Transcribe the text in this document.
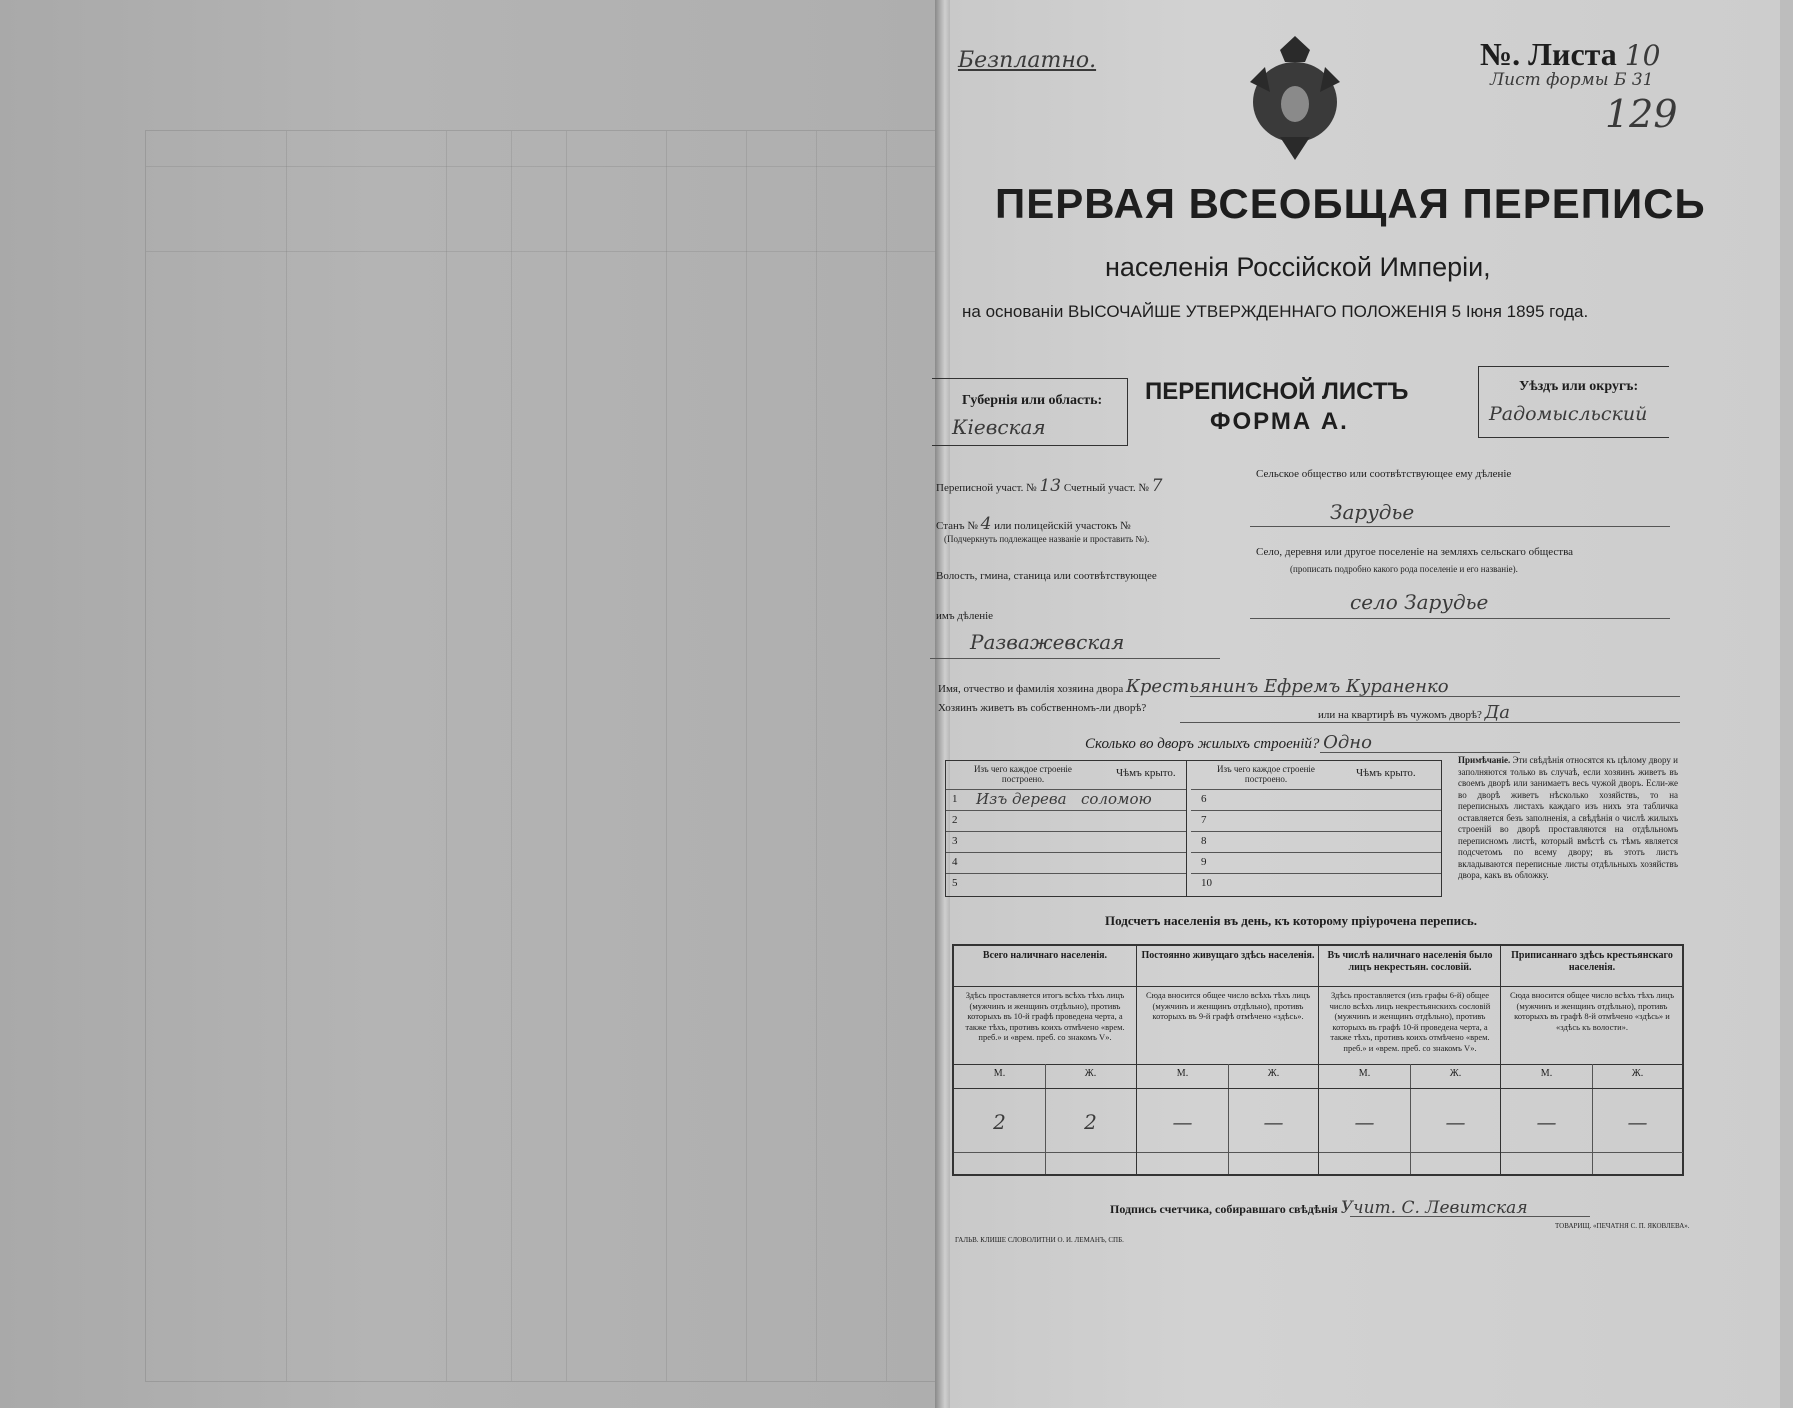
Безплатно.	№. Листа 10
Лист формы Б 31
129
ПЕРВАЯ ВСЕОБЩАЯ ПЕРЕПИСЬ
населенія Россійской Имперіи,
на основаніи ВЫСОЧАЙШЕ УТВЕРЖДЕННАГО ПОЛОЖЕНІЯ 5 Іюня 1895 года.
Губернія или область:
Кіевская
ПЕРЕПИСНОЙ ЛИСТЪ
ФОРМА А.
Уѣздъ или округъ:
Радомысльский
Переписной участ. № 13 Счетный участ. № 7
Станъ № 4 или полицейскій участокъ №
(Подчеркнуть подлежащее названіе и проставить №).
Волость, гмина, станица или соотвѣтствующее
имъ дѣленіе
Разважевская
Сельское общество или соотвѣтствующее ему дѣленіе
Зарудье
Село, деревня или другое поселеніе на земляхъ сельскаго общества
(прописать подробно какого рода поселеніе и его названіе).
село Зарудье
Имя, отчество и фамилія хозяина двора Крестьянинъ Ефремъ Кураненко
Хозяинъ живетъ въ собственномъ-ли дворѣ?
или на квартирѣ въ чужомъ дворѣ? Да
Сколько во дворъ жилыхъ строеній? Одно
Изъ чего каждое строеніе построено.	Чѣмъ крыто.
1 Изъ дерева соломою
2
3
4
5
Изъ чего каждое строеніе построено.	Чѣмъ крыто.
6
7
8
9
10
Примѣчаніе. Эти свѣдѣнія относятся къ цѣлому двору и заполняются только въ случаѣ, если хозяинъ живетъ въ своемъ дворѣ или занимаетъ весь чужой дворъ. Если-же во дворѣ живетъ нѣсколько хозяйствъ, то на переписныхъ листахъ каждаго изъ нихъ эта табличка оставляется безъ заполненія, а свѣдѣнія о числѣ жилыхъ строеній во дворѣ проставляются на отдѣльномъ переписномъ листѣ, который вмѣстѣ съ тѣмъ является подсчетомъ по всему двору; въ этотъ листъ вкладываются переписные листы отдѣльныхъ хозяйствъ двора, какъ въ обложку.
Подсчетъ населенія въ день, къ которому пріурочена перепись.
Всего наличнаго населенія.
Здѣсь проставляется итогъ всѣхъ тѣхъ лицъ (мужчинъ и женщинъ отдѣльно), противъ которыхъ въ 10-й графѣ проведена черта, а также тѣхъ, противъ коихъ отмѣчено «врем. преб.» и «врем. преб. со знакомъ V».
М.	Ж.
2	2
Постоянно живущаго здѣсь населенія.
Сюда вносится общее число всѣхъ тѣхъ лицъ (мужчинъ и женщинъ отдѣльно), противъ которыхъ въ 9-й графѣ отмѣчено «здѣсь».
М.	Ж.
—	—
Въ числѣ наличнаго населенія было лицъ некрестьян. сословій.
Здѣсь проставляется (изъ графы 6-й) общее число всѣхъ лицъ некрестьянскихъ сословій (мужчинъ и женщинъ отдѣльно), противъ которыхъ въ графѣ 10-й проведена черта, а также тѣхъ, противъ коихъ отмѣчено «врем. преб.» и «врем. преб. со знакомъ V».
М.	Ж.
—	—
Приписаннаго здѣсь крестьянскаго населенія.
Сюда вносится общее число всѣхъ тѣхъ лицъ (мужчинъ и женщинъ отдѣльно), противъ которыхъ въ графѣ 8-й отмѣчено «здѣсь» и «здѣсь къ волости».
М.	Ж.
—	—
Подпись счетчика, собиравшаго свѣдѣнія Учит. С. Левитская
ГАЛЬВ. КЛИШЕ СЛОВОЛИТНИ О. И. ЛЕМАНЪ, СПБ.
ТОВАРИЩ. «ПЕЧАТНЯ С. П. ЯКОВЛЕВА».
